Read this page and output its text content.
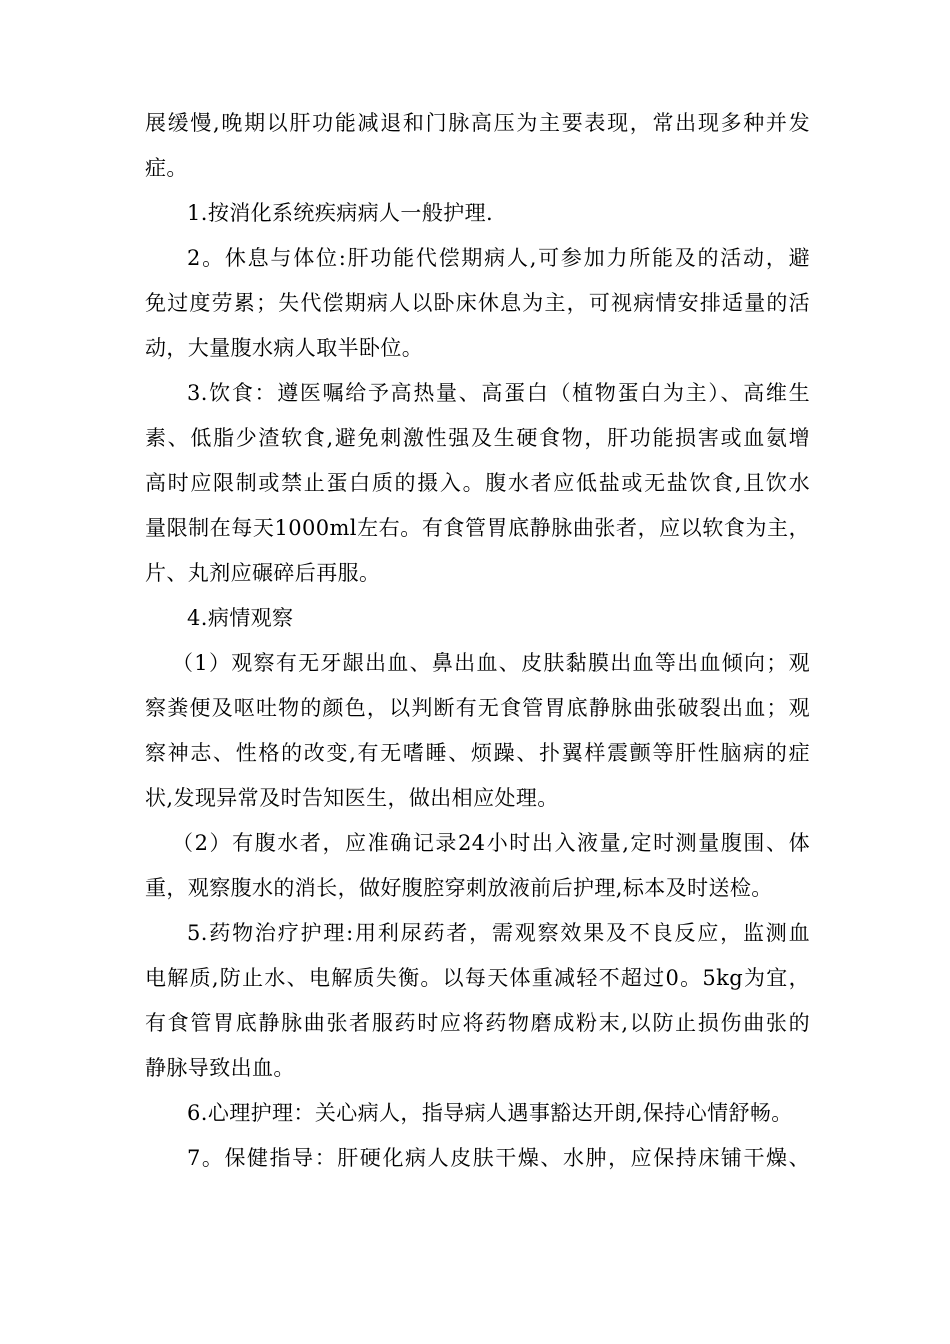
展缓慢,晚期以肝功能减退和门脉高压为主要表现，常出现多种并发
症。
1.按消化系统疾病病人一般护理.
2。休息与体位:肝功能代偿期病人,可参加力所能及的活动，避
免过度劳累；失代偿期病人以卧床休息为主，可视病情安排适量的活
动，大量腹水病人取半卧位。
3.饮食：遵医嘱给予高热量、高蛋白（植物蛋白为主）、高维生
素、低脂少渣软食,避免刺激性强及生硬食物，肝功能损害或血氨增
高时应限制或禁止蛋白质的摄入。腹水者应低盐或无盐饮食,且饮水
量限制在每天1000ml左右。有食管胃底静脉曲张者，应以软食为主，
片、丸剂应碾碎后再服。
4.病情观察
（1）观察有无牙龈出血、鼻出血、皮肤黏膜出血等出血倾向；观
察粪便及呕吐物的颜色，以判断有无食管胃底静脉曲张破裂出血；观
察神志、性格的改变,有无嗜睡、烦躁、扑翼样震颤等肝性脑病的症
状,发现异常及时告知医生，做出相应处理。
（2）有腹水者，应准确记录24小时出入液量,定时测量腹围、体
重，观察腹水的消长，做好腹腔穿刺放液前后护理,标本及时送检。
5.药物治疗护理:用利尿药者，需观察效果及不良反应，监测血
电解质,防止水、电解质失衡。以每天体重减轻不超过0。5kg为宜，
有食管胃底静脉曲张者服药时应将药物磨成粉末,以防止损伤曲张的
静脉导致出血。
6.心理护理：关心病人，指导病人遇事豁达开朗,保持心情舒畅。
7。保健指导：肝硬化病人皮肤干燥、水肿，应保持床铺干燥、
